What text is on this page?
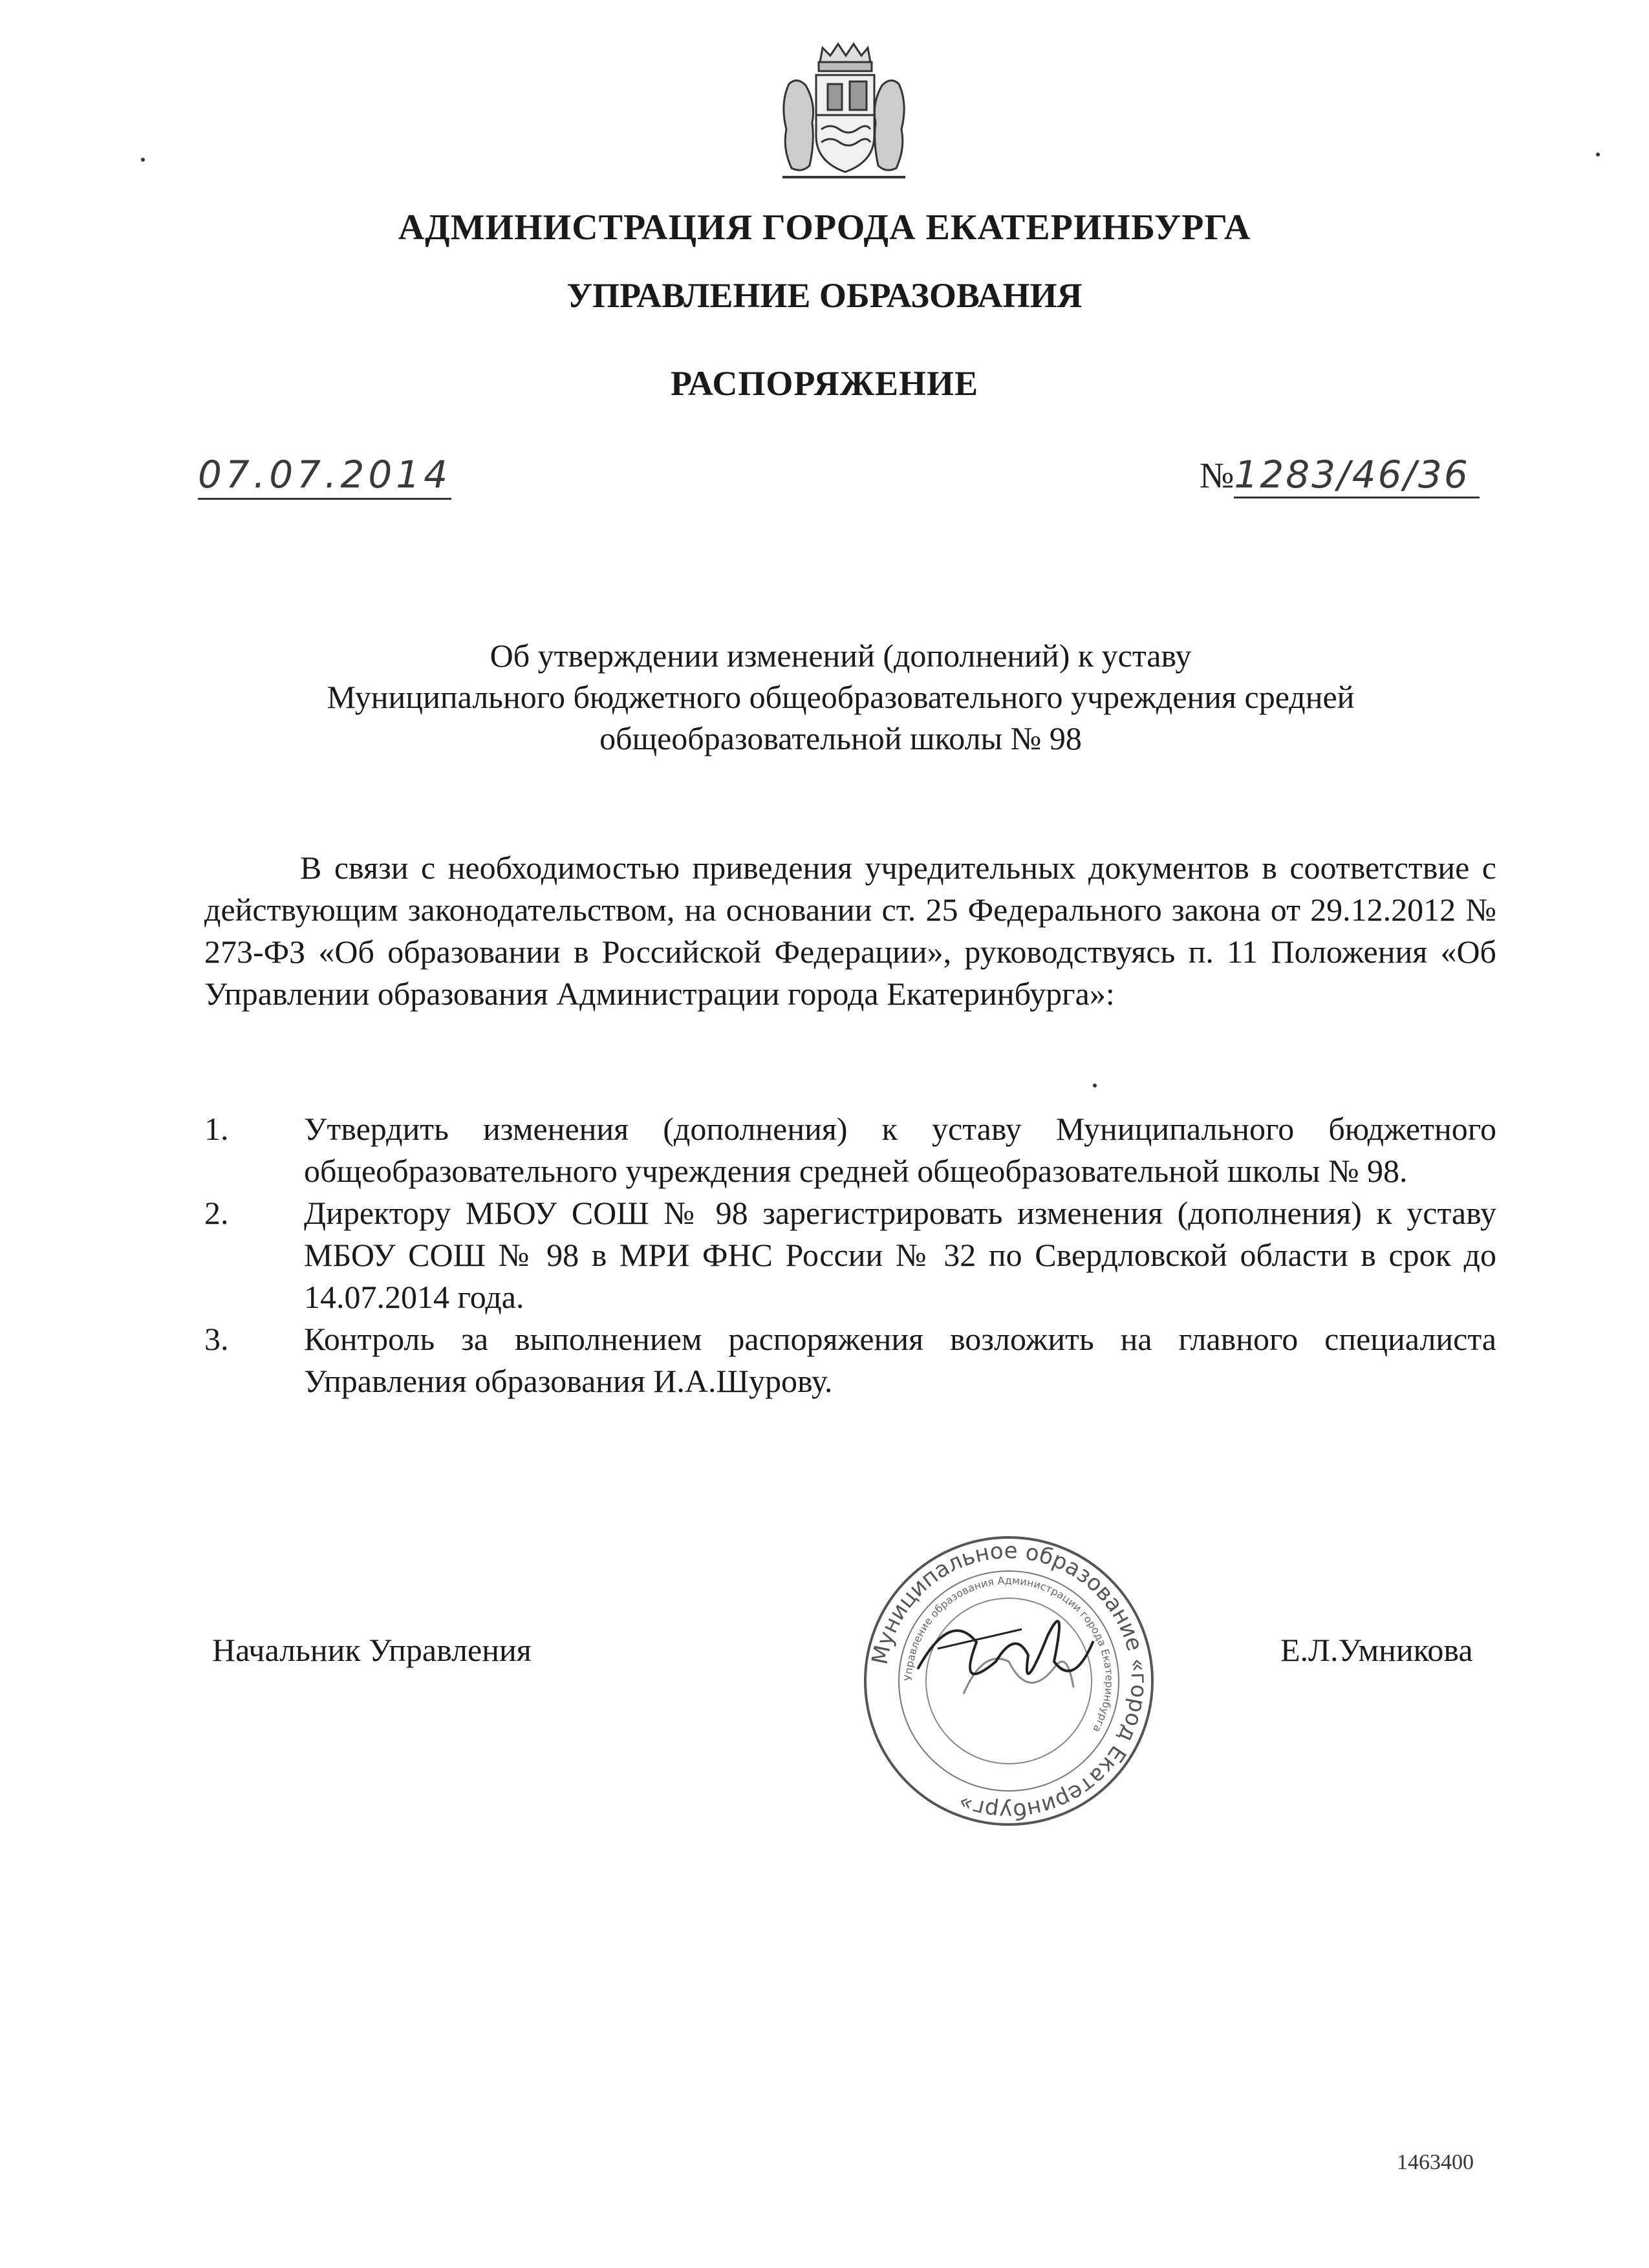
АДМИНИСТРАЦИЯ ГОРОДА ЕКАТЕРИНБУРГА
УПРАВЛЕНИЕ ОБРАЗОВАНИЯ
РАСПОРЯЖЕНИЕ
07.07.2014	№1283/46/36
Об утверждении изменений (дополнений) к уставу
Муниципального бюджетного общеобразовательного учреждения средней
общеобразовательной школы № 98

В связи с необходимостью приведения учредительных документов в соответствие с действующим законодательством, на основании ст. 25 Федерального закона от 29.12.2012 № 273-ФЗ «Об образовании в Российской Федерации», руководствуясь п. 11 Положения «Об Управлении образования Администрации города Екатеринбурга»:

1.	Утвердить изменения (дополнения) к уставу Муниципального бюджетного общеобразовательного учреждения средней общеобразовательной школы № 98.
2.	Директору МБОУ СОШ № 98 зарегистрировать изменения (дополнения) к уставу МБОУ СОШ № 98 в МРИ ФНС России № 32 по Свердловской области в срок до 14.07.2014 года.
3.	Контроль за выполнением распоряжения возложить на главного специалиста Управления образования И.А.Шурову.
Начальник Управления	Е.Л.Умникова
Муниципальное образование «город Екатеринбург»
Управление образования Администрации города Екатеринбурга
1463400
